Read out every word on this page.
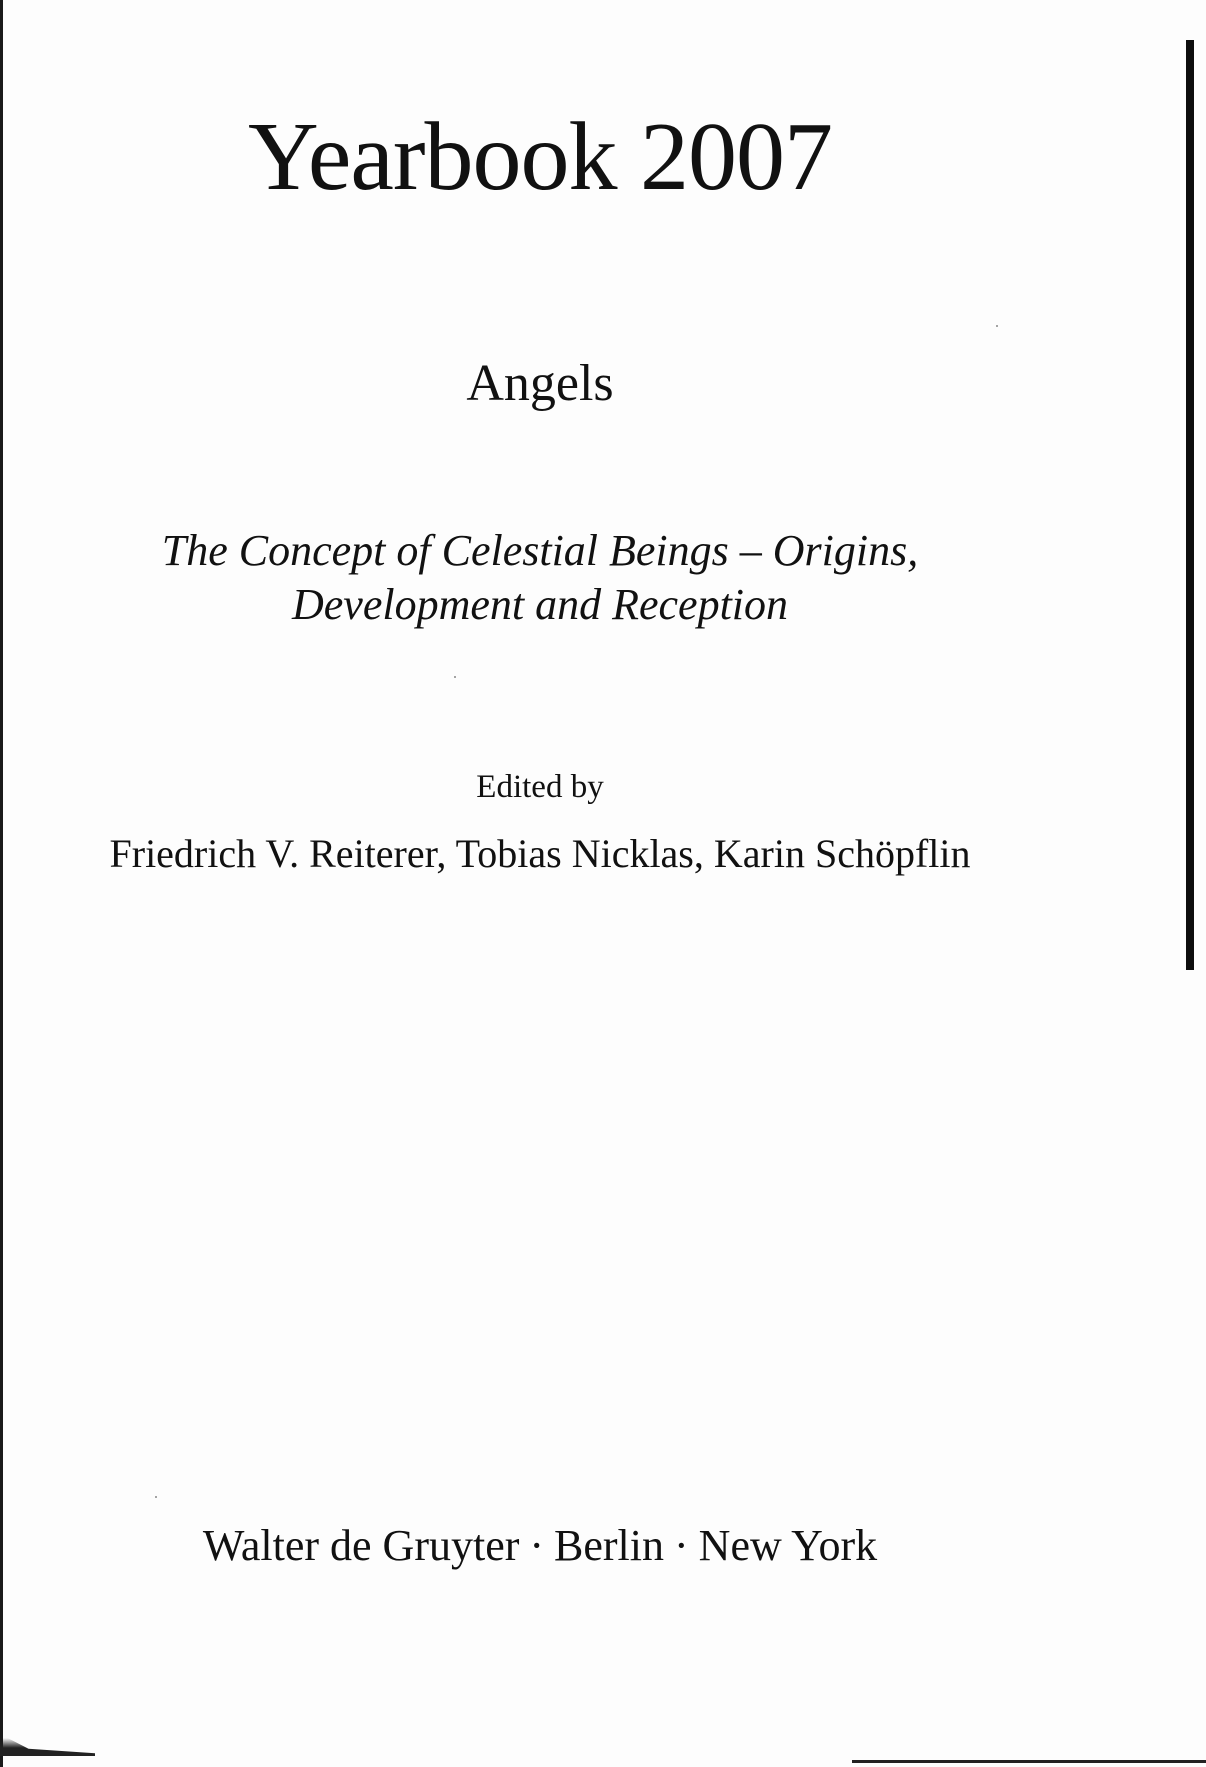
Yearbook 2007
Angels
The Concept of Celestial Beings – Origins,
Development and Reception
Edited by
Friedrich V. Reiterer, Tobias Nicklas, Karin Schöpflin
Walter de Gruyter · Berlin · New York
